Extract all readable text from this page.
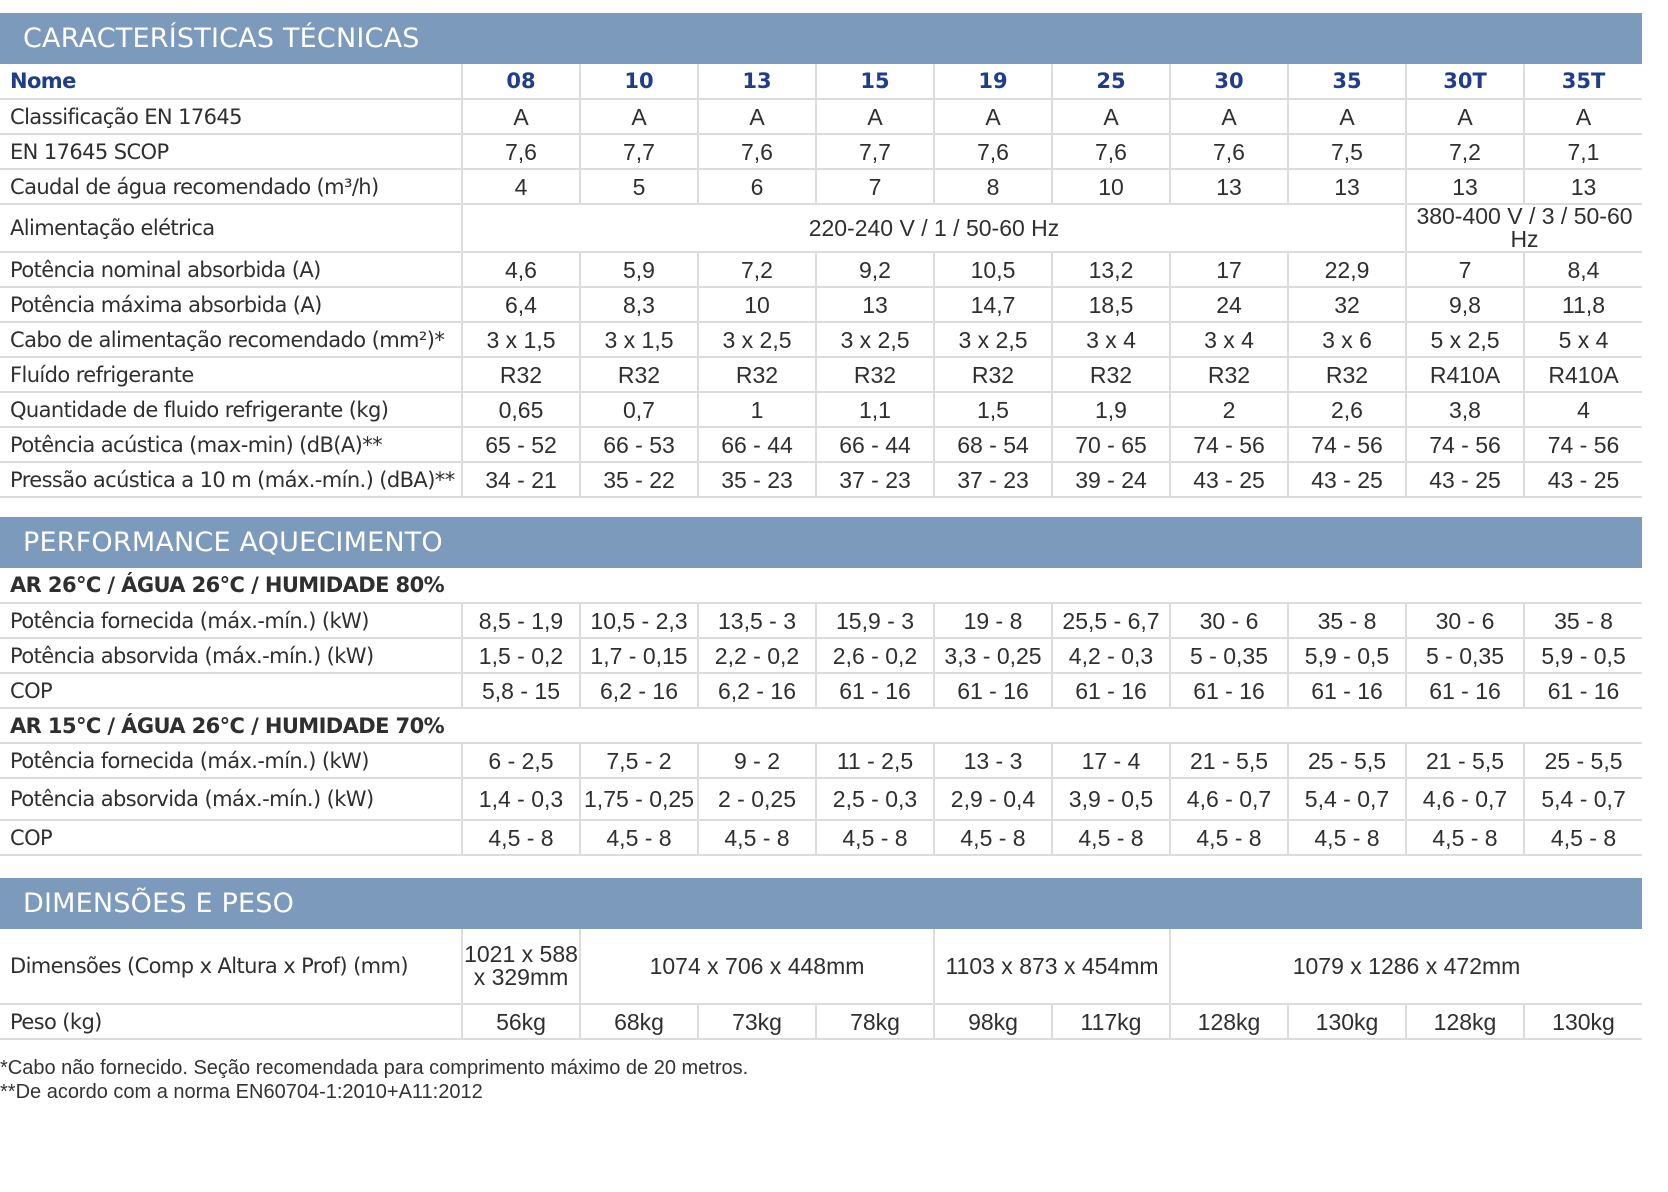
CARACTERÍSTICAS TÉCNICAS
Nome	08	10	13	15	19	25	30	35	30T	35T
Classificação EN 17645	A	A	A	A	A	A	A	A	A	A
EN 17645 SCOP	7,6	7,7	7,6	7,7	7,6	7,6	7,6	7,5	7,2	7,1
Caudal de água recomendado (m³/h)	4	5	6	7	8	10	13	13	13	13
Alimentação elétrica	220-240 V / 1 / 50-60 Hz								380-400 V / 3 / 50-60 Hz	
Potência nominal absorbida (A)	4,6	5,9	7,2	9,2	10,5	13,2	17	22,9	7	8,4
Potência máxima absorbida (A)	6,4	8,3	10	13	14,7	18,5	24	32	9,8	11,8
Cabo de alimentação recomendado (mm²)*	3 x 1,5	3 x 1,5	3 x 2,5	3 x 2,5	3 x 2,5	3 x 4	3 x 4	3 x 6	5 x 2,5	5 x 4
Fluído refrigerante	R32	R32	R32	R32	R32	R32	R32	R32	R410A	R410A
Quantidade de fluido refrigerante (kg)	0,65	0,7	1	1,1	1,5	1,9	2	2,6	3,8	4
Potência acústica (max-min) (dB(A)**	65 - 52	66 - 53	66 - 44	66 - 44	68 - 54	70 - 65	74 - 56	74 - 56	74 - 56	74 - 56
Pressão acústica a 10 m (máx.-mín.) (dBA)**	34 - 21	35 - 22	35 - 23	37 - 23	37 - 23	39 - 24	43 - 25	43 - 25	43 - 25	43 - 25
PERFORMANCE AQUECIMENTO
AR 26°C / ÁGUA 26°C / HUMIDADE 80%										
Potência fornecida (máx.-mín.) (kW)	8,5 - 1,9	10,5 - 2,3	13,5 - 3	15,9 - 3	19 - 8	25,5 - 6,7	30 - 6	35 - 8	30 - 6	35 - 8
Potência absorvida (máx.-mín.) (kW)	1,5 - 0,2	1,7 - 0,15	2,2 - 0,2	2,6 - 0,2	3,3 - 0,25	4,2 - 0,3	5 - 0,35	5,9 - 0,5	5 - 0,35	5,9 - 0,5
COP	5,8 - 15	6,2 - 16	6,2 - 16	61 - 16	61 - 16	61 - 16	61 - 16	61 - 16	61 - 16	61 - 16
AR 15°C / ÁGUA 26°C / HUMIDADE 70%										
Potência fornecida (máx.-mín.) (kW)	6 - 2,5	7,5 - 2	9 - 2	11 - 2,5	13 - 3	17 - 4	21 - 5,5	25 - 5,5	21 - 5,5	25 - 5,5
Potência absorvida (máx.-mín.) (kW)	1,4 - 0,3	1,75 - 0,25	2 - 0,25	2,5 - 0,3	2,9 - 0,4	3,9 - 0,5	4,6 - 0,7	5,4 - 0,7	4,6 - 0,7	5,4 - 0,7
COP	4,5 - 8	4,5 - 8	4,5 - 8	4,5 - 8	4,5 - 8	4,5 - 8	4,5 - 8	4,5 - 8	4,5 - 8	4,5 - 8
DIMENSÕES E PESO
Dimensões (Comp x Altura x Prof) (mm)	1021 x 588 x 329mm	1074 x 706 x 448mm			1103 x 873 x 454mm		1079 x 1286 x 472mm			
Peso (kg)	56kg	68kg	73kg	78kg	98kg	117kg	128kg	130kg	128kg	130kg
*Cabo não fornecido. Seção recomendada para comprimento máximo de 20 metros.
**De acordo com a norma EN60704-1:2010+A11:2012
